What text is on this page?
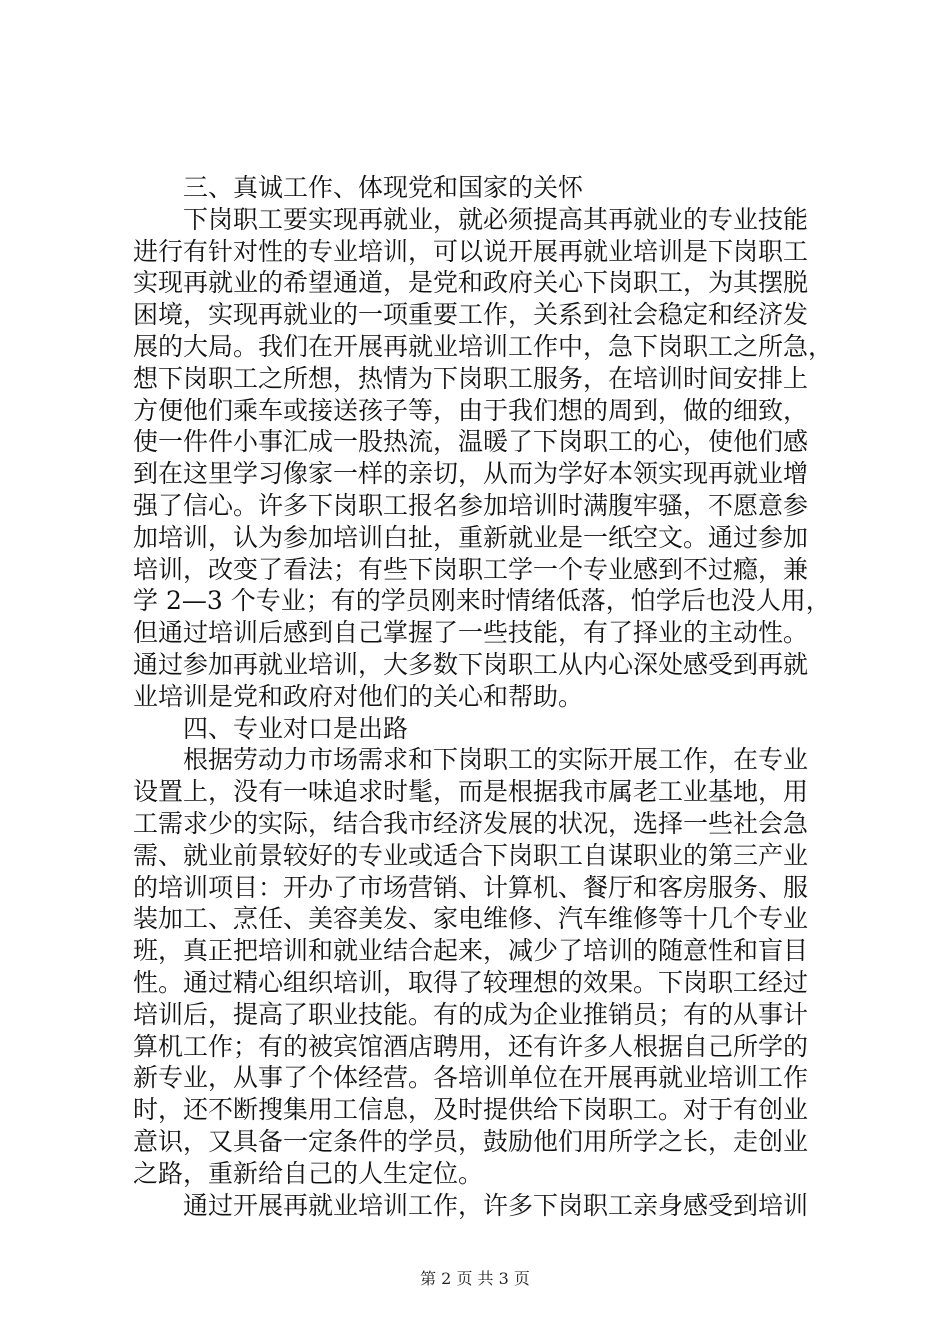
三、真诚工作、体现党和国家的关怀
下岗职工要实现再就业，就必须提高其再就业的专业技能
进行有针对性的专业培训，可以说开展再就业培训是下岗职工
实现再就业的希望通道，是党和政府关心下岗职工，为其摆脱
困境，实现再就业的一项重要工作，关系到社会稳定和经济发
展的大局。我们在开展再就业培训工作中，急下岗职工之所急，
想下岗职工之所想，热情为下岗职工服务，在培训时间安排上
方便他们乘车或接送孩子等，由于我们想的周到，做的细致，
使一件件小事汇成一股热流，温暖了下岗职工的心，使他们感
到在这里学习像家一样的亲切，从而为学好本领实现再就业增
强了信心。许多下岗职工报名参加培训时满腹牢骚，不愿意参
加培训，认为参加培训白扯，重新就业是一纸空文。通过参加
培训，改变了看法；有些下岗职工学一个专业感到不过瘾，兼
学 2—3 个专业；有的学员刚来时情绪低落，怕学后也没人用，
但通过培训后感到自己掌握了一些技能，有了择业的主动性。
通过参加再就业培训，大多数下岗职工从内心深处感受到再就
业培训是党和政府对他们的关心和帮助。
四、专业对口是出路
根据劳动力市场需求和下岗职工的实际开展工作，在专业
设置上，没有一味追求时髦，而是根据我市属老工业基地，用
工需求少的实际，结合我市经济发展的状况，选择一些社会急
需、就业前景较好的专业或适合下岗职工自谋职业的第三产业
的培训项目：开办了市场营销、计算机、餐厅和客房服务、服
装加工、烹任、美容美发、家电维修、汽车维修等十几个专业
班，真正把培训和就业结合起来，减少了培训的随意性和盲目
性。通过精心组织培训，取得了较理想的效果。下岗职工经过
培训后，提高了职业技能。有的成为企业推销员；有的从事计
算机工作；有的被宾馆酒店聘用，还有许多人根据自己所学的
新专业，从事了个体经营。各培训单位在开展再就业培训工作
时，还不断搜集用工信息，及时提供给下岗职工。对于有创业
意识，又具备一定条件的学员，鼓励他们用所学之长，走创业
之路，重新给自己的人生定位。
通过开展再就业培训工作，许多下岗职工亲身感受到培训
第 2 页 共 3 页
